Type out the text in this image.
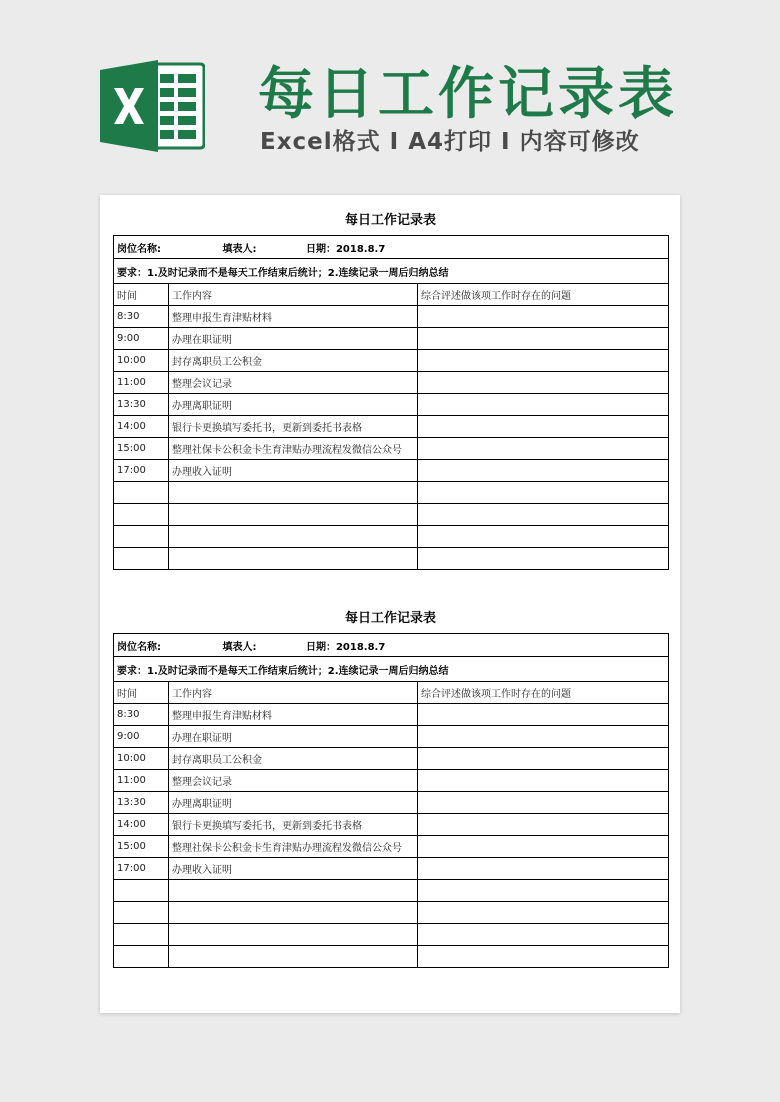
每日工作记录表
Excel格式 I A4打印 I 内容可修改
每日工作记录表
岗位名称: 填表人: 日期：2018.8.7		
要求：1.及时记录而不是每天工作结束后统计；2.连续记录一周后归纳总结		
时间	工作内容	综合评述做该项工作时存在的问题
8:30	整理申报生育津贴材料	
9:00	办理在职证明	
10:00	封存离职员工公积金	
11:00	整理会议记录	
13:30	办理离职证明	
14:00	银行卡更换填写委托书，更新到委托书表格	
15:00	整理社保卡公积金卡生育津贴办理流程发微信公众号	
17:00	办理收入证明	

每日工作记录表
岗位名称: 填表人: 日期：2018.8.7		
要求：1.及时记录而不是每天工作结束后统计；2.连续记录一周后归纳总结		
时间	工作内容	综合评述做该项工作时存在的问题
8:30	整理申报生育津贴材料	
9:00	办理在职证明	
10:00	封存离职员工公积金	
11:00	整理会议记录	
13:30	办理离职证明	
14:00	银行卡更换填写委托书，更新到委托书表格	
15:00	整理社保卡公积金卡生育津贴办理流程发微信公众号	
17:00	办理收入证明	
